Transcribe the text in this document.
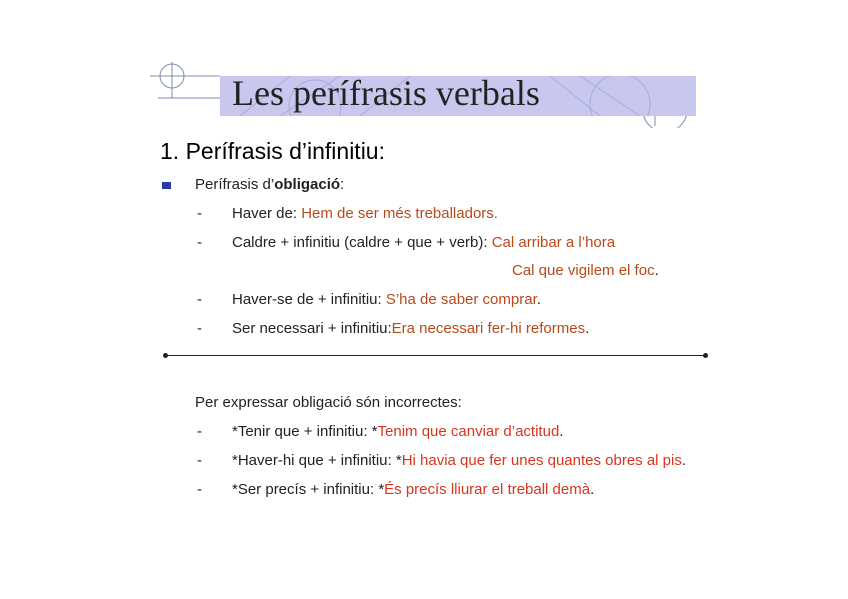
Les perífrasis verbals
1. Perífrasis d’infinitiu:
Perífrasis d’obligació:
- Haver de: Hem de ser més treballadors.
- Caldre + infinitiu (caldre + que + verb): Cal arribar a l’hora
Cal que vigilem el foc.
- Haver-se de + infinitiu: S’ha de saber comprar.
- Ser necessari + infinitiu:Era necessari fer-hi reformes.
Per expressar obligació són incorrectes:
- *Tenir que + infinitiu: *Tenim que canviar d’actitud.
- *Haver-hi que + infinitiu: *Hi havia que fer unes quantes obres al pis.
- *Ser precís + infinitiu: *És precís lliurar el treball demà.
